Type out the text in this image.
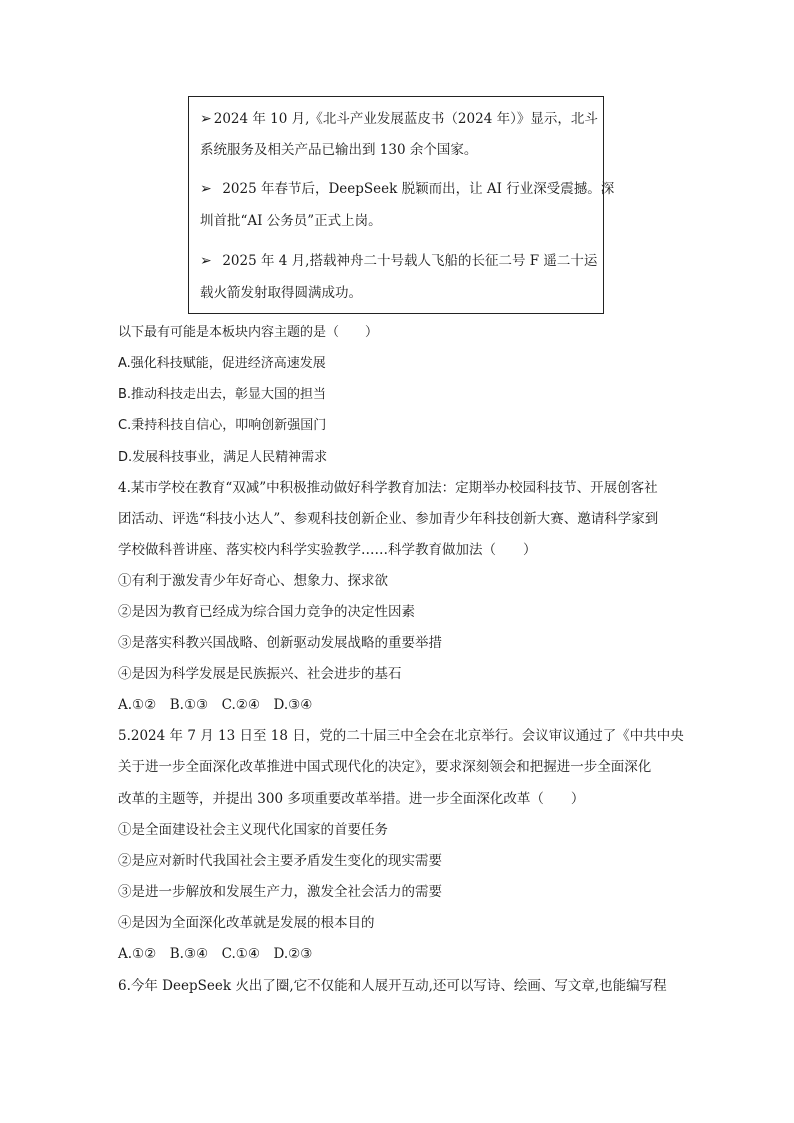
➢ 2024 年 10 月,《北斗产业发展蓝皮书（2024 年）》显示，北斗
系统服务及相关产品已输出到 130 余个国家。
➢ 2025 年春节后，DeepSeek 脱颖而出，让 AI 行业深受震撼。深
圳首批“AI 公务员”正式上岗。
➢ 2025 年 4 月,搭载神舟二十号载人飞船的长征二号 F 遥二十运
载火箭发射取得圆满成功。
以下最有可能是本板块内容主题的是（　　）
A.强化科技赋能，促进经济高速发展
B.推动科技走出去，彰显大国的担当
C.秉持科技自信心，叩响创新强国门
D.发展科技事业，满足人民精神需求
4.某市学校在教育“双减”中积极推动做好科学教育加法：定期举办校园科技节、开展创客社
团活动、评选“科技小达人”、参观科技创新企业、参加青少年科技创新大赛、邀请科学家到
学校做科普讲座、落实校内科学实验教学……科学教育做加法（　　）
①有利于激发青少年好奇心、想象力、探求欲
②是因为教育已经成为综合国力竞争的决定性因素
③是落实科教兴国战略、创新驱动发展战略的重要举措
④是因为科学发展是民族振兴、社会进步的基石
A.①②　B.①③　C.②④　D.③④
5.2024 年 7 月 13 日至 18 日，党的二十届三中全会在北京举行。会议审议通过了《中共中央
关于进一步全面深化改革推进中国式现代化的决定》，要求深刻领会和把握进一步全面深化
改革的主题等，并提出 300 多项重要改革举措。进一步全面深化改革（　　）
①是全面建设社会主义现代化国家的首要任务
②是应对新时代我国社会主要矛盾发生变化的现实需要
③是进一步解放和发展生产力，激发全社会活力的需要
④是因为全面深化改革就是发展的根本目的
A.①②　B.③④　C.①④　D.②③
6.今年 DeepSeek 火出了圈,它不仅能和人展开互动,还可以写诗、绘画、写文章,也能编写程
